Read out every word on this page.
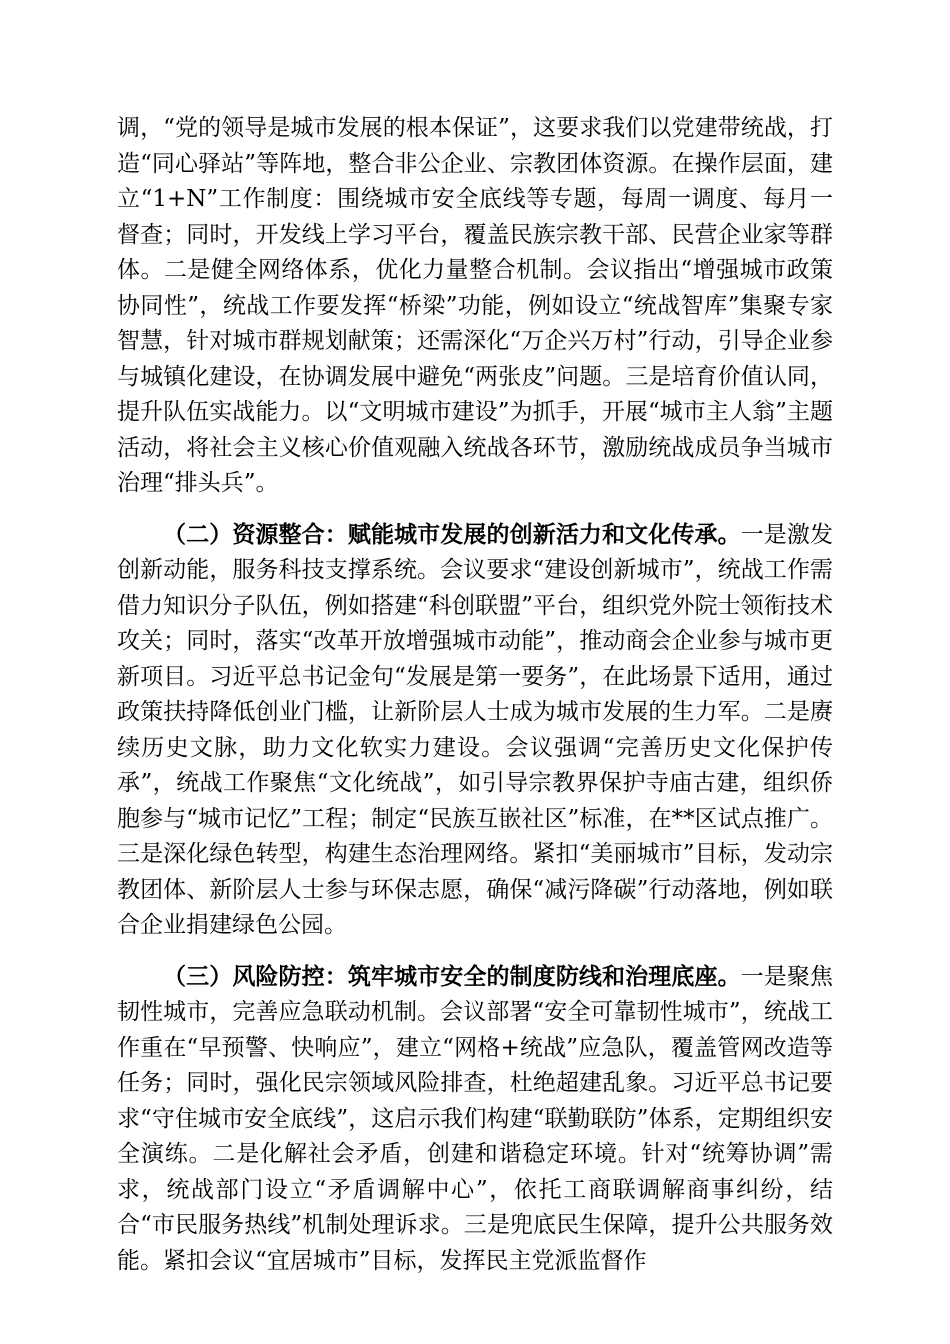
调，“党的领导是城市发展的根本保证”，这要求我们以党建带统战，打造“同心驿站”等阵地，整合非公企业、宗教团体资源。在操作层面，建立“1+N”工作制度：围绕城市安全底线等专题，每周一调度、每月一督查；同时，开发线上学习平台，覆盖民族宗教干部、民营企业家等群体。二是健全网络体系，优化力量整合机制。会议指出“增强城市政策协同性”，统战工作要发挥“桥梁”功能，例如设立“统战智库”集聚专家智慧，针对城市群规划献策；还需深化“万企兴万村”行动，引导企业参与城镇化建设，在协调发展中避免“两张皮”问题。三是培育价值认同，提升队伍实战能力。以“文明城市建设”为抓手，开展“城市主人翁”主题活动，将社会主义核心价值观融入统战各环节，激励统战成员争当城市治理“排头兵”。

（二）资源整合：赋能城市发展的创新活力和文化传承。一是激发创新动能，服务科技支撑系统。会议要求“建设创新城市”，统战工作需借力知识分子队伍，例如搭建“科创联盟”平台，组织党外院士领衔技术攻关；同时，落实“改革开放增强城市动能”，推动商会企业参与城市更新项目。习近平总书记金句“发展是第一要务”，在此场景下适用，通过政策扶持降低创业门槛，让新阶层人士成为城市发展的生力军。二是赓续历史文脉，助力文化软实力建设。会议强调“完善历史文化保护传承”，统战工作聚焦“文化统战”，如引导宗教界保护寺庙古建，组织侨胞参与“城市记忆”工程；制定“民族互嵌社区”标准，在**区试点推广。三是深化绿色转型，构建生态治理网络。紧扣“美丽城市”目标，发动宗教团体、新阶层人士参与环保志愿，确保“减污降碳”行动落地，例如联合企业捐建绿色公园。

（三）风险防控：筑牢城市安全的制度防线和治理底座。一是聚焦韧性城市，完善应急联动机制。会议部署“安全可靠韧性城市”，统战工作重在“早预警、快响应”，建立“网格+统战”应急队，覆盖管网改造等任务；同时，强化民宗领域风险排查，杜绝超建乱象。习近平总书记要求“守住城市安全底线”，这启示我们构建“联勤联防”体系，定期组织安全演练。二是化解社会矛盾，创建和谐稳定环境。针对“统筹协调”需求，统战部门设立“矛盾调解中心”，依托工商联调解商事纠纷，结合“市民服务热线”机制处理诉求。三是兜底民生保障，提升公共服务效能。紧扣会议“宜居城市”目标，发挥民主党派监督作
